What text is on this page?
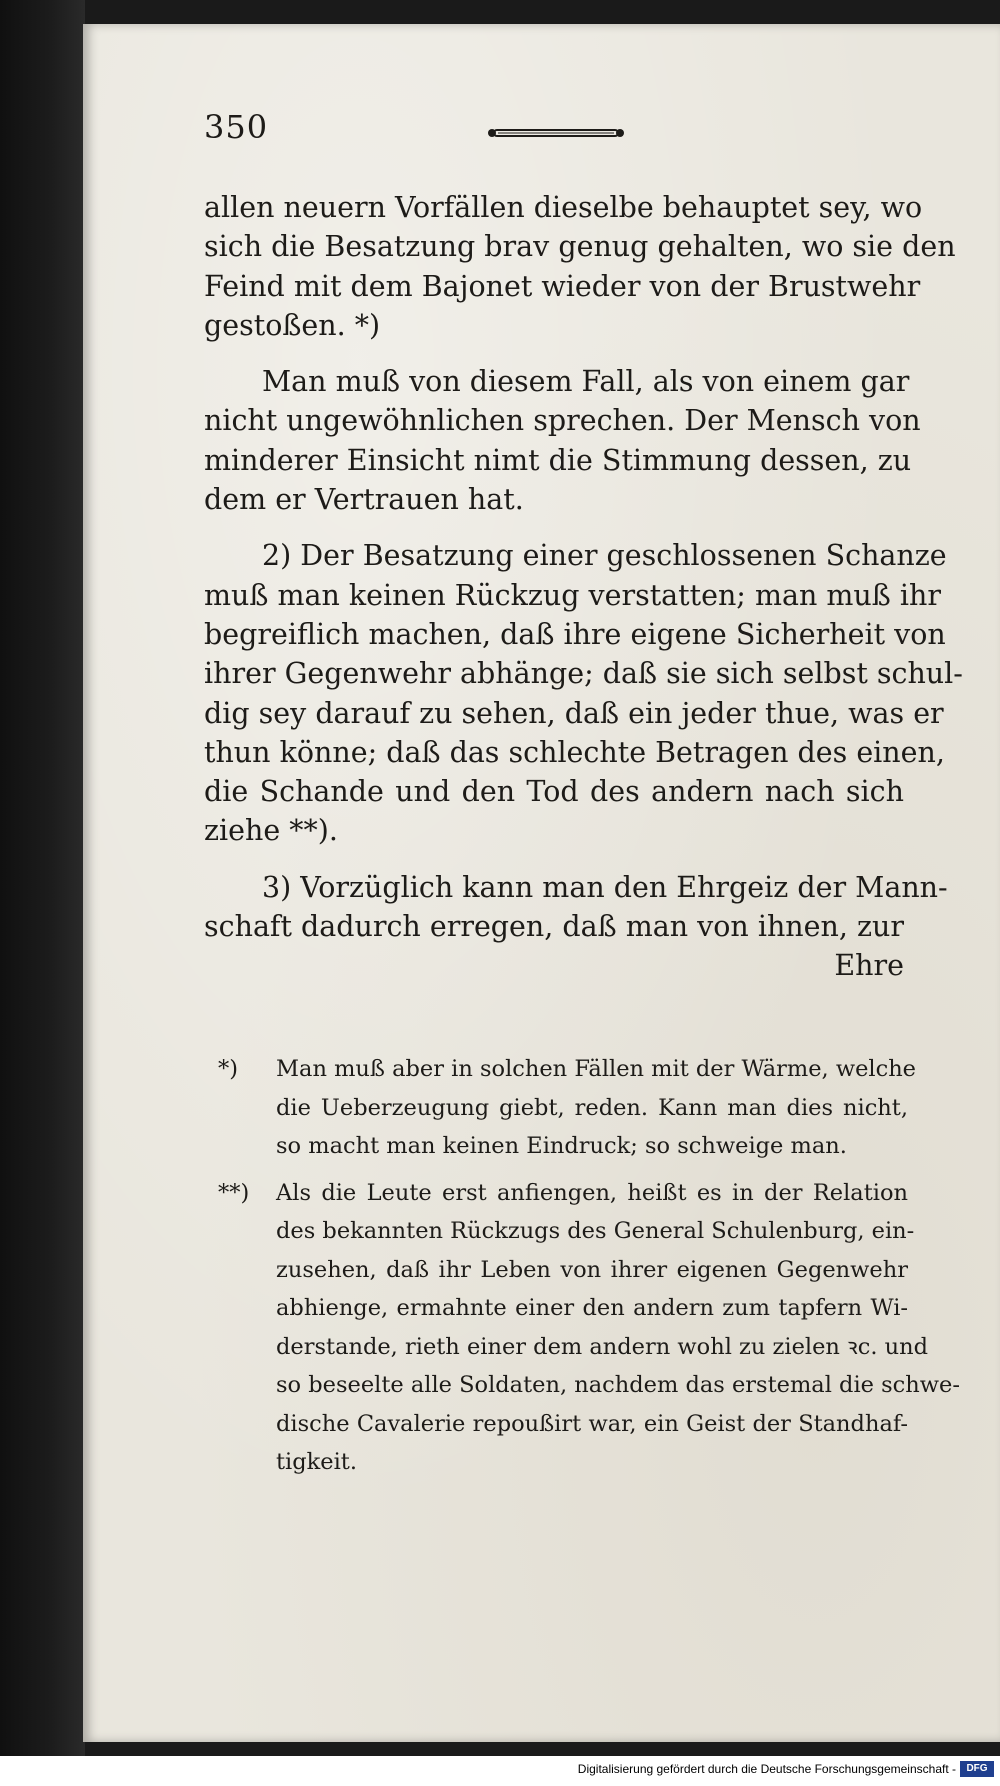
350

allen neuern Vorfällen dieselbe behauptet sey, wo
sich die Besatzung brav genug gehalten, wo sie den
Feind mit dem Bajonet wieder von der Brustwehr
gestoßen. *)

Man muß von diesem Fall, als von einem gar
nicht ungewöhnlichen sprechen. Der Mensch von
minderer Einsicht nimt die Stimmung dessen, zu
dem er Vertrauen hat.

2) Der Besatzung einer geschlossenen Schanze
muß man keinen Rückzug verstatten; man muß ihr
begreiflich machen, daß ihre eigene Sicherheit von
ihrer Gegenwehr abhänge; daß sie sich selbst schul-
dig sey darauf zu sehen, daß ein jeder thue, was er
thun könne; daß das schlechte Betragen des einen,
die Schande und den Tod des andern nach sich
ziehe **).

3) Vorzüglich kann man den Ehrgeiz der Mann-
schaft dadurch erregen, daß man von ihnen, zur
Ehre

*) Man muß aber in solchen Fällen mit der Wärme, welche
die Ueberzeugung giebt, reden. Kann man dies nicht,
so macht man keinen Eindruck; so schweige man.
**) Als die Leute erst anfiengen, heißt es in der Relation
des bekannten Rückzugs des General Schulenburg, ein-
zusehen, daß ihr Leben von ihrer eigenen Gegenwehr
abhienge, ermahnte einer den andern zum tapfern Wi-
derstande, rieth einer dem andern wohl zu zielen ꝛc. und
so beseelte alle Soldaten, nachdem das erstemal die schwe-
dische Cavalerie repoußirt war, ein Geist der Standhaf-
tigkeit.
Digitalisierung gefördert durch die Deutsche Forschungsgemeinschaft -	DFG
